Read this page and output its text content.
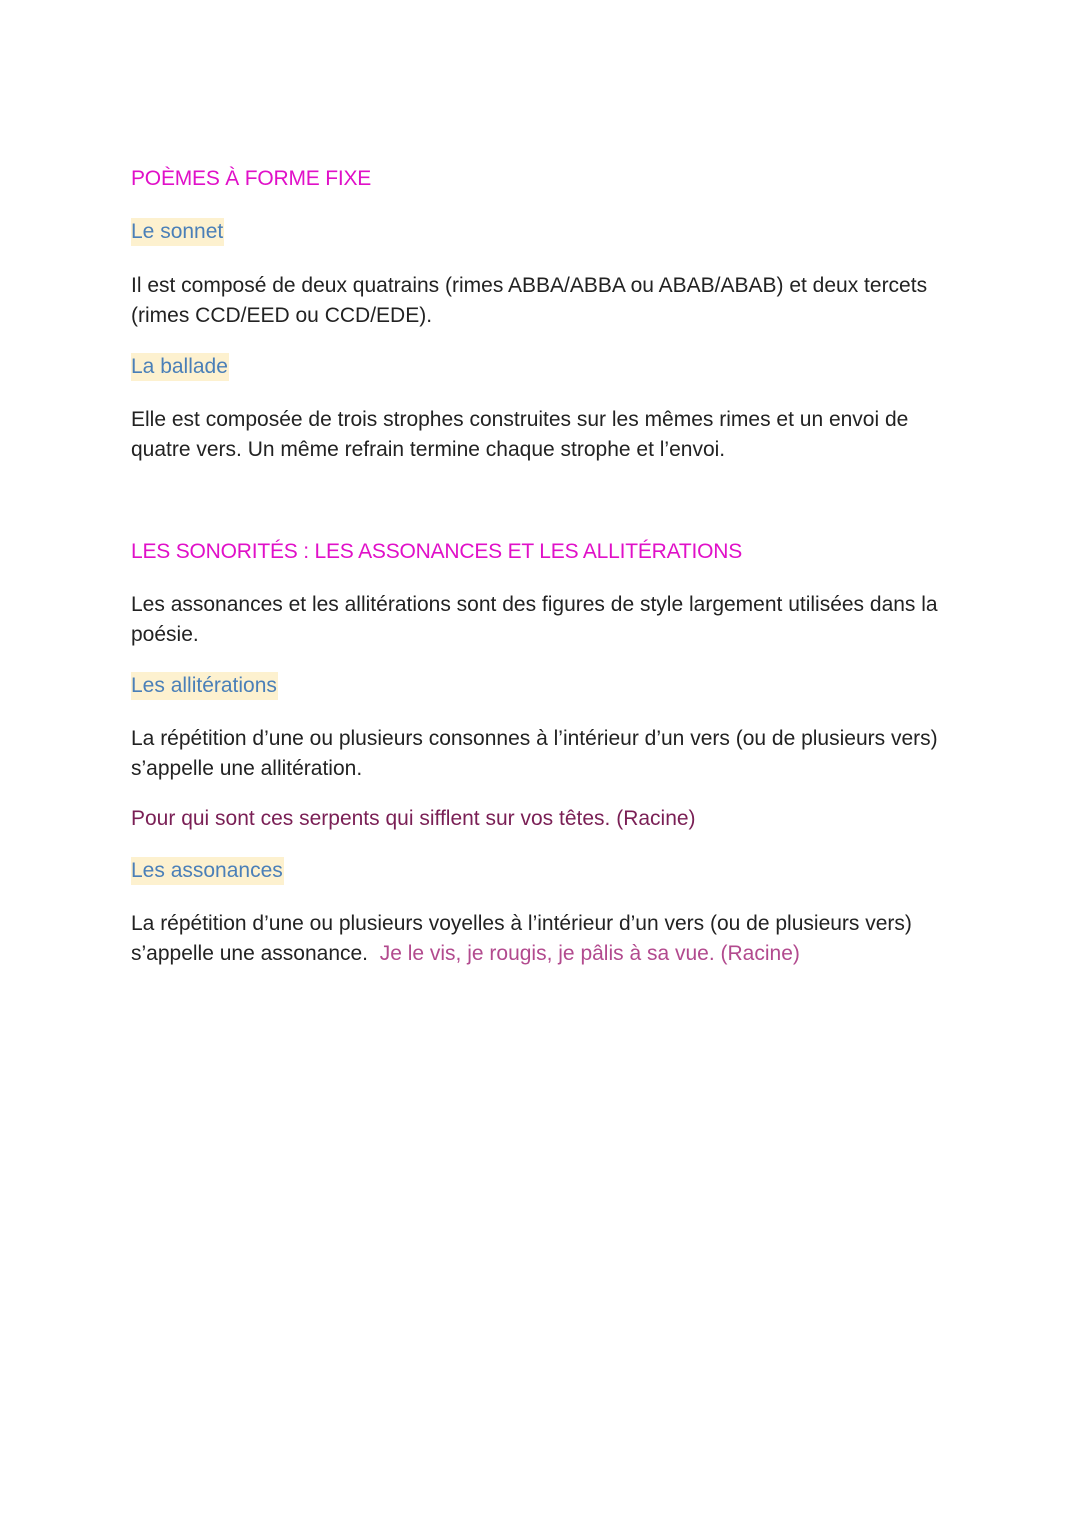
POÈMES À FORME FIXE
Le sonnet
Il est composé de deux quatrains (rimes ABBA/ABBA ou ABAB/ABAB) et deux tercets (rimes CCD/EED ou CCD/EDE).
La ballade
Elle est composée de trois strophes construites sur les mêmes rimes et un envoi de quatre vers. Un même refrain termine chaque strophe et l’envoi.
LES SONORITÉS : LES ASSONANCES ET LES ALLITÉRATIONS
Les assonances et les allitérations sont des figures de style largement utilisées dans la poésie.
Les allitérations
La répétition d’une ou plusieurs consonnes à l’intérieur d’un vers (ou de plusieurs vers) s’appelle une allitération.
Pour qui sont ces serpents qui sifflent sur vos têtes. (Racine)
Les assonances
La répétition d’une ou plusieurs voyelles à l’intérieur d’un vers (ou de plusieurs vers) s’appelle une assonance. Je le vis, je rougis, je pâlis à sa vue. (Racine)
